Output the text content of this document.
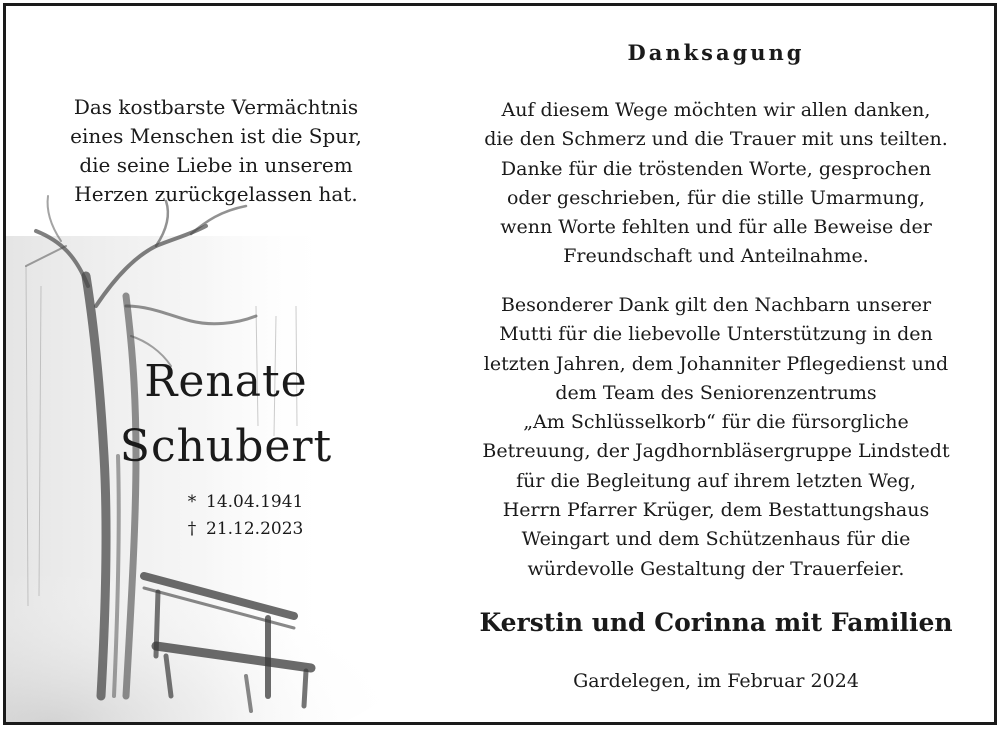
Das kostbarste Vermächtnis
eines Menschen ist die Spur,
die seine Liebe in unserem
Herzen zurückgelassen hat.
Renate
Schubert
* 14.04.1941
† 21.12.2023
Danksagung
Auf diesem Wege möchten wir allen danken,
die den Schmerz und die Trauer mit uns teilten.
Danke für die tröstenden Worte, gesprochen
oder geschrieben, für die stille Umarmung,
wenn Worte fehlten und für alle Beweise der
Freundschaft und Anteilnahme.
Besonderer Dank gilt den Nachbarn unserer
Mutti für die liebevolle Unterstützung in den
letzten Jahren, dem Johanniter Pflegedienst und
dem Team des Seniorenzentrums
„Am Schlüsselkorb“ für die fürsorgliche
Betreuung, der Jagdhornbläsergruppe Lindstedt
für die Begleitung auf ihrem letzten Weg,
Herrn Pfarrer Krüger, dem Bestattungshaus
Weingart und dem Schützenhaus für die
würdevolle Gestaltung der Trauerfeier.
Kerstin und Corinna mit Familien
Gardelegen, im Februar 2024
